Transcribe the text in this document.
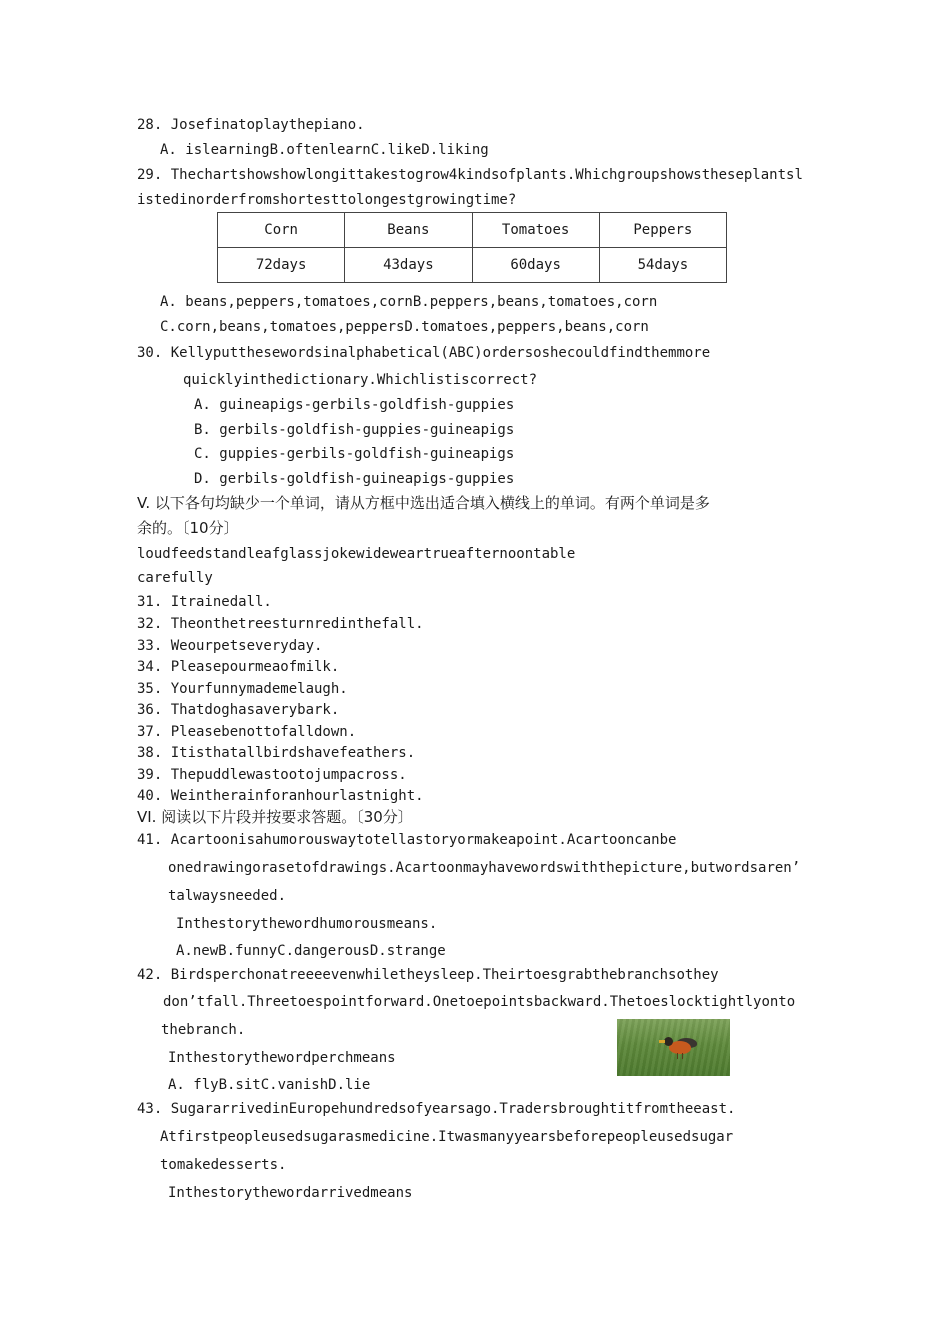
28. Josefinatoplaythepiano.
A. islearningB.oftenlearnC.likeD.liking
29. Thechartshowshowlongittakestogrow4kindsofplants.Whichgroupshowstheseplantsl
istedinorderfromshortesttolongestgrowingtime?
Corn	Beans	Tomatoes	Peppers
72days	43days	60days	54days
A. beans,peppers,tomatoes,cornB.peppers,beans,tomatoes,corn
C.corn,beans,tomatoes,peppersD.tomatoes,peppers,beans,corn
30. Kellyputthesewordsinalphabetical(ABC)ordersoshecouldfindthemmore
quicklyinthedictionary.Whichlistiscorrect?
A. guineapigs-gerbils-goldfish-guppies
B. gerbils-goldfish-guppies-guineapigs
C. guppies-gerbils-goldfish-guineapigs
D. gerbils-goldfish-guineapigs-guppies
V. 以下各句均缺少一个单词，请从方框中选出适合填入横线上的单词。有两个单词是多
余的。〔10分〕
loudfeedstandleafglassjokewideweartrueafternoontable
carefully
31. Itrainedall.
32. Theonthetreesturnredinthefall.
33. Weourpetseveryday.
34. Pleasepourmeaofmilk.
35. Yourfunnymademelaugh.
36. Thatdoghasaverybark.
37. Pleasebenottofalldown.
38. Itisthatallbirdshavefeathers.
39. Thepuddlewastootojumpacross.
40. Weintherainforanhourlastnight.
VI. 阅读以下片段并按要求答题。〔30分〕
41. Acartoonisahumorouswaytotellastoryormakeapoint.Acartooncanbe
onedrawingorasetofdrawings.Acartoonmayhavewordswiththepicture,butwordsaren’
talwaysneeded.
Inthestorythewordhumorousmeans.
A.newB.funnyC.dangerousD.strange
42. Birdsperchonatreeeevenwhiletheysleep.Theirtoesgrabthebranchsothey
don’tfall.Threetoespointforward.Onetoepointsbackward.Thetoeslocktightlyonto
thebranch.
Inthestorythewordperchmeans
A. flyB.sitC.vanishD.lie
43. SugararrivedinEuropehundredsofyearsago.Tradersbroughtitfromtheeast.
Atfirstpeopleusedsugarasmedicine.Itwasmanyyearsbeforepeopleusedsugar
tomakedesserts.
Inthestorythewordarrivedmeans
